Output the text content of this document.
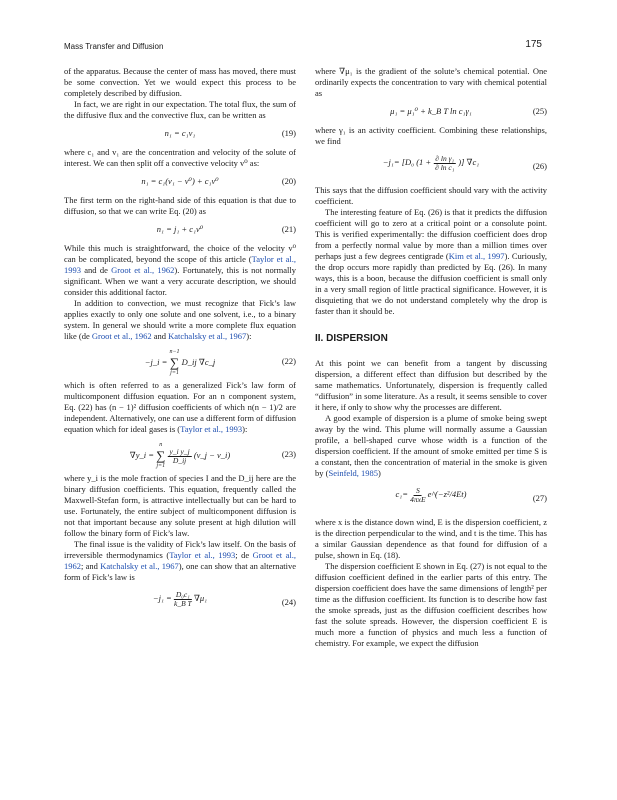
Mass Transfer and Diffusion	175

of the apparatus. Because the center of mass has moved, there must be some convection. Yet we would expect this process to be completely described by diffusion.

In fact, we are right in our expectation. The total flux, the sum of the diffusive flux and the convective flux, can be written as

n₁ = c₁v₁	(19)

where c₁ and v₁ are the concentration and velocity of the solute of interest. We can then split off a convective velocity v⁰ as:

n₁ = c₁(v₁ − v⁰) + c₁v⁰	(20)

The first term on the right-hand side of this equation is that due to diffusion, so that we can write Eq. (20) as

n₁ = j₁ + c₁v⁰	(21)

While this much is straightforward, the choice of the velocity v⁰ can be complicated, beyond the scope of this article (Taylor et al., 1993 and de Groot et al., 1962). Fortunately, this is not normally significant. When we want a very accurate description, we should consider this additional factor.

In addition to convection, we must recognize that Fick’s law applies exactly to only one solute and one solvent, i.e., to a binary system. In general we should write a more complete flux equation like (de Groot et al., 1962 and Katchalsky et al., 1967):

−j_i = n−1
∑
j=1 D_ij ∇c_j	(22)

which is often referred to as a generalized Fick’s law form of multicomponent diffusion equation. For an n component system, Eq. (22) has (n − 1)² diffusion coefficients of which n(n − 1)/2 are independent. Alternatively, one can use a different form of diffusion equation which for ideal gases is (Taylor et al., 1993):

∇y_i = n
∑
$j=1 \frac{\text{y\_i y\_j}}{D\_ij}$ (v_j − v_i)	(23)

where y_i is the mole fraction of species I and the D_ij here are the binary diffusion coefficients. This equation, frequently called the Maxwell-Stefan form, is attractive intellectually but can be hard to use. Fortunately, the entire subject of multicomponent diffusion is not that important because any solute present at high dilution will follow the binary form of Fick’s law.

The final issue is the validity of Fick’s law itself. On the basis of irreversible thermodynamics (Taylor et al., 1993; de Groot et al., 1962; and Katchalsky et al., 1967), one can show that an alternative form of Fick’s law is

$-j_1 = \frac{\text{D₀c₁}}{\text{k\_B T}} \nabla\mu_1$	(24)

where ∇μ₁ is the gradient of the solute’s chemical potential. One ordinarily expects the concentration to vary with chemical potential as

μ₁ = μ₁⁰ + k_B T ln c₁γ₁	(25)

where γ₁ is an activity coefficient. Combining these relationships, we find

−j₁= [D₀ ($1 + \frac{\text{∂ ln γ₁}}{\text{∂ ln c₁}}$ )] ∇c₁	(26)

This says that the diffusion coefficient should vary with the activity coefficient.

The interesting feature of Eq. (26) is that it predicts the diffusion coefficient will go to zero at a critical point or a consolute point. This is verified experimentally: the diffusion coefficient does drop from a perfectly normal value by more than a million times over perhaps just a few degrees centigrade (Kim et al., 1997). Curiously, the drop occurs more rapidly than predicted by Eq. (26). In many ways, this is a boon, because the diffusion coefficient is small only in a very small region of little practical significance. However, it is disquieting that we do not understand completely why the drop is faster than it should be.

II. DISPERSION

At this point we can benefit from a tangent by discussing dispersion, a different effect than diffusion but described by the same mathematics. Unfortunately, dispersion is frequently called “diffusion” in some literature. As a result, it seems sensible to cover it here, if only to show why the processes are different.

A good example of dispersion is a plume of smoke being swept away by the wind. This plume will normally assume a Gaussian profile, a bell-shaped curve whose width is a function of the dispersion coefficient. If the amount of smoke emitted per time S is a constant, then the concentration of material in the smoke is given by (Seinfeld, 1985)

$c_1= \frac{S}{\text{4πxE}}$ e^(−z²/4Et)	(27)

where x is the distance down wind, E is the dispersion coefficient, z is the direction perpendicular to the wind, and t is the time. This has a similar Gaussian dependence as that found for diffusion of a pulse, shown in Eq. (18).

The dispersion coefficient E shown in Eq. (27) is not equal to the diffusion coefficient defined in the earlier parts of this entry. The dispersion coefficient does have the same dimensions of length² per time as the diffusion coefficient. Its function is to describe how fast the smoke spreads, just as the diffusion coefficient describes how fast the solute spreads. However, the dispersion coefficient E is much more a function of physics and much less a function of chemistry. For example, we expect the diffusion
